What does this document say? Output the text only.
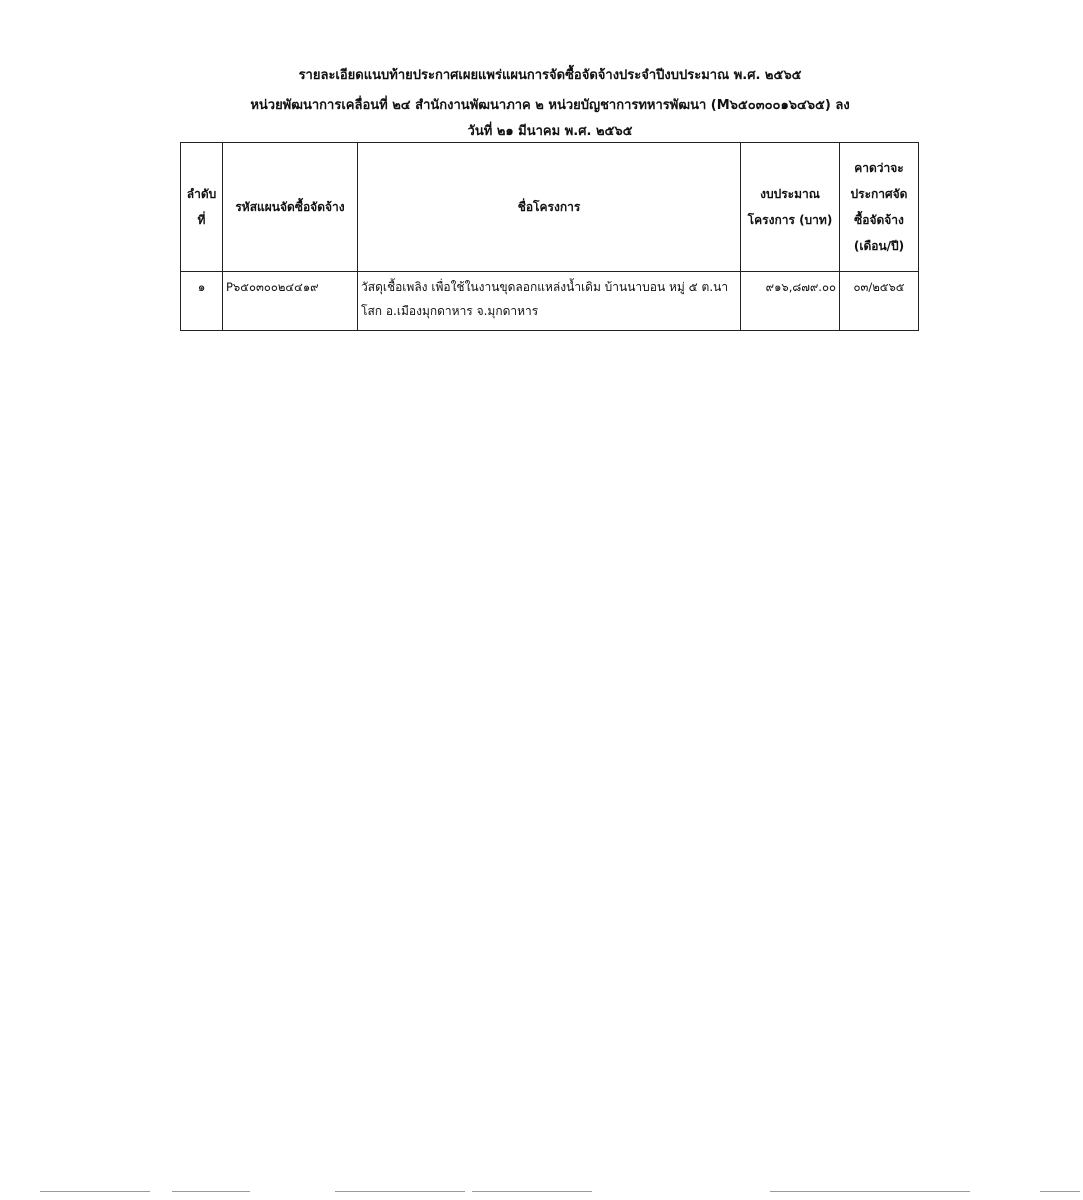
รายละเอียดแนบท้ายประกาศเผยแพร่แผนการจัดซื้อจัดจ้างประจำปีงบประมาณ พ.ศ. ๒๕๖๕
หน่วยพัฒนาการเคลื่อนที่ ๒๔ สำนักงานพัฒนาภาค ๒ หน่วยบัญชาการทหารพัฒนา (M๖๕๐๓๐๐๑๖๔๖๕) ลง
วันที่ ๒๑ มีนาคม พ.ศ. ๒๕๖๕
ลำดับที่	รหัสแผนจัดซื้อจัดจ้าง	ชื่อโครงการ	งบประมาณโครงการ (บาท)	คาดว่าจะประกาศจัดซื้อจัดจ้าง (เดือน/ปี)

๑	P๖๕๐๓๐๐๒๔๔๑๙	วัสดุเชื้อเพลิง เพื่อใช้ในงานขุดลอกแหล่งน้ำเดิม บ้านนาบอน หมู่ ๕ ต.นาโสก อ.เมืองมุกดาหาร จ.มุกดาหาร	๙๑๖,๘๗๙.๐๐	๐๓/๒๕๖๕
